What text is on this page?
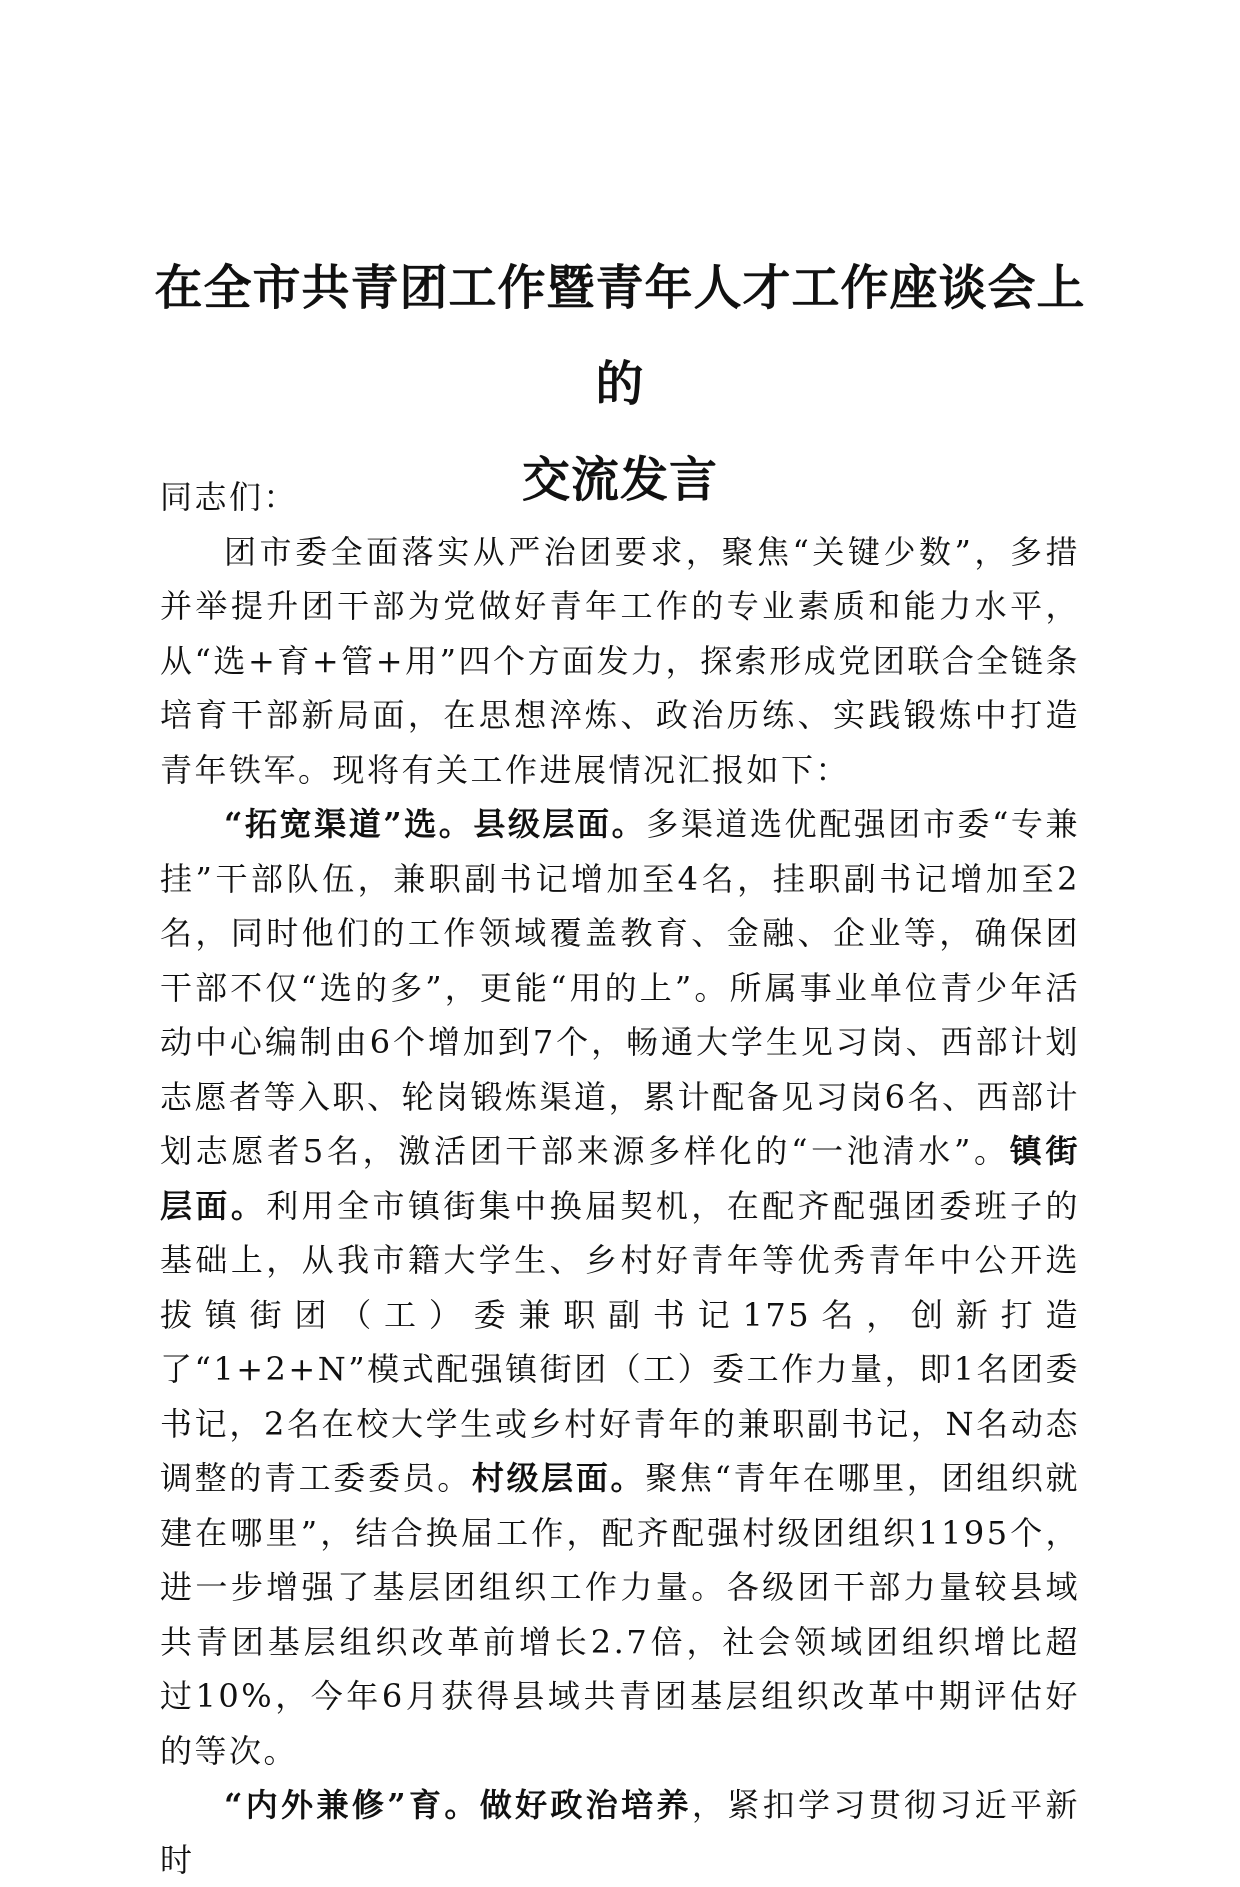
在全市共青团工作暨青年人才工作座谈会上的
交流发言

同志们：

团市委全面落实从严治团要求，聚焦“关键少数”，多措并举提升团干部为党做好青年工作的专业素质和能力水平，从“选+育+管+用”四个方面发力，探索形成党团联合全链条培育干部新局面，在思想淬炼、政治历练、实践锻炼中打造青年铁军。现将有关工作进展情况汇报如下：

“拓宽渠道”选。县级层面。多渠道选优配强团市委“专兼挂”干部队伍，兼职副书记增加至4名，挂职副书记增加至2名，同时他们的工作领域覆盖教育、金融、企业等，确保团干部不仅“选的多”，更能“用的上”。所属事业单位青少年活动中心编制由6个增加到7个，畅通大学生见习岗、西部计划志愿者等入职、轮岗锻炼渠道，累计配备见习岗6名、西部计划志愿者5名，激活团干部来源多样化的“一池清水”。镇街层面。利用全市镇街集中换届契机，在配齐配强团委班子的基础上，从我市籍大学生、乡村好青年等优秀青年中公开选拔镇街团（工）委兼职副书记175名，创新打造了“1+2+N”模式配强镇街团（工）委工作力量，即1名团委书记，2名在校大学生或乡村好青年的兼职副书记，N名动态调整的青工委委员。村级层面。聚焦“青年在哪里，团组织就建在哪里”，结合换届工作，配齐配强村级团组织1195个，进一步增强了基层团组织工作力量。各级团干部力量较县域共青团基层组织改革前增长2.7倍，社会领域团组织增比超过10%，今年6月获得县域共青团基层组织改革中期评估好的等次。

“内外兼修”育。做好政治培养，紧扣学习贯彻习近平新时
